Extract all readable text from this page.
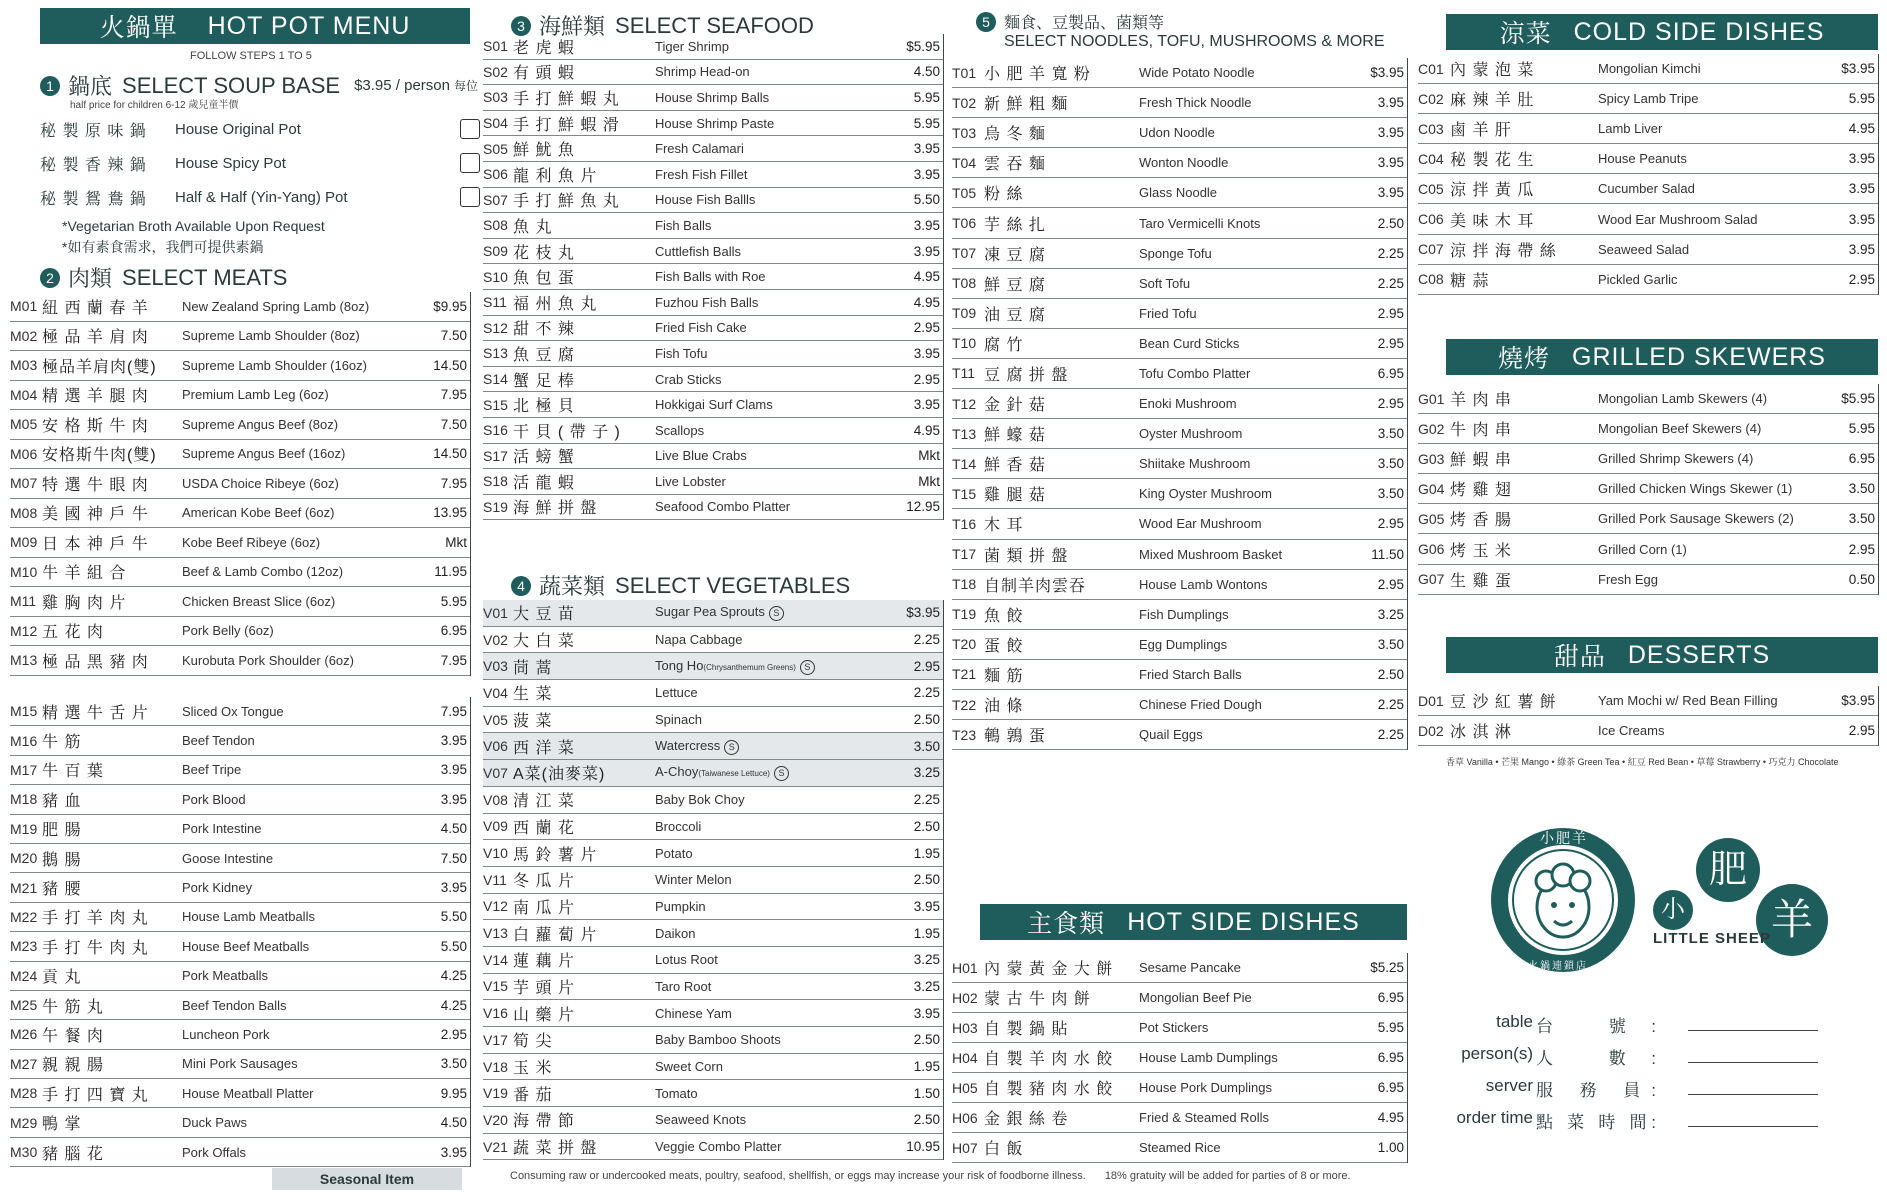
火鍋單 HOT POT MENU
FOLLOW STEPS 1 TO 5
1 鍋底 SELECT SOUP BASE $3.95 / person 每位
half price for children 6-12 歲兒童半價
秘 製 原 味 鍋	House Original Pot
秘 製 香 辣 鍋	House Spicy Pot
秘 製 鴛 鴦 鍋	Half & Half (Yin-Yang) Pot
*Vegetarian Broth Available Upon Request
*如有素食需求，我們可提供素鍋
2 肉類 SELECT MEATS
M01 紐 西 蘭 春 羊	New Zealand Spring Lamb (8oz)	$9.95
M02 極 品 羊 肩 肉	Supreme Lamb Shoulder (8oz)	7.50
M03 極品羊肩肉(雙)	Supreme Lamb Shoulder (16oz)	14.50
M04 精 選 羊 腿 肉	Premium Lamb Leg (6oz)	7.95
M05 安 格 斯 牛 肉	Supreme Angus Beef (8oz)	7.50
M06 安格斯牛肉(雙)	Supreme Angus Beef (16oz)	14.50
M07 特 選 牛 眼 肉	USDA Choice Ribeye (6oz)	7.95
M08 美 國 神 戶 牛	American Kobe Beef (6oz)	13.95
M09 日 本 神 戶 牛	Kobe Beef Ribeye (6oz)	Mkt
M10 牛 羊 組 合	Beef & Lamb Combo (12oz)	11.95
M11 雞 胸 肉 片	Chicken Breast Slice (6oz)	5.95
M12 五 花 肉	Pork Belly (6oz)	6.95
M13 極 品 黑 豬 肉	Kurobuta Pork Shoulder (6oz)	7.95
M15 精 選 牛 舌 片	Sliced Ox Tongue	7.95
M16 牛 筋	Beef Tendon	3.95
M17 牛 百 葉	Beef Tripe	3.95
M18 豬 血	Pork Blood	3.95
M19 肥 腸	Pork Intestine	4.50
M20 鵝 腸	Goose Intestine	7.50
M21 豬 腰	Pork Kidney	3.95
M22 手 打 羊 肉 丸	House Lamb Meatballs	5.50
M23 手 打 牛 肉 丸	House Beef Meatballs	5.50
M24 貢 丸	Pork Meatballs	4.25
M25 牛 筋 丸	Beef Tendon Balls	4.25
M26 午 餐 肉	Luncheon Pork	2.95
M27 親 親 腸	Mini Pork Sausages	3.50
M28 手 打 四 寶 丸	House Meatball Platter	9.95
M29 鴨 掌	Duck Paws	4.50
M30 豬 腦 花	Pork Offals	3.95
Seasonal Item
3 海鮮類 SELECT SEAFOOD
S01 老 虎 蝦	Tiger Shrimp	$5.95
S02 有 頭 蝦	Shrimp Head-on	4.50
S03 手 打 鮮 蝦 丸	House Shrimp Balls	5.95
S04 手 打 鮮 蝦 滑	House Shrimp Paste	5.95
S05 鮮 魷 魚	Fresh Calamari	3.95
S06 龍 利 魚 片	Fresh Fish Fillet	3.95
S07 手 打 鮮 魚 丸	House Fish Ballls	5.50
S08 魚 丸	Fish Balls	3.95
S09 花 枝 丸	Cuttlefish Balls	3.95
S10 魚 包 蛋	Fish Balls with Roe	4.95
S11 福 州 魚 丸	Fuzhou Fish Balls	4.95
S12 甜 不 辣	Fried Fish Cake	2.95
S13 魚 豆 腐	Fish Tofu	3.95
S14 蟹 足 棒	Crab Sticks	2.95
S15 北 極 貝	Hokkigai Surf Clams	3.95
S16 干 貝 ( 帶 子 )	Scallops	4.95
S17 活 螃 蟹	Live Blue Crabs	Mkt
S18 活 龍 蝦	Live Lobster	Mkt
S19 海 鮮 拼 盤	Seafood Combo Platter	12.95
4 蔬菜類 SELECT VEGETABLES
V01 大 豆 苗	Sugar Pea Sprouts S	$3.95
V02 大 白 菜	Napa Cabbage	2.25
V03 茼 蒿	Tong Ho(Chrysanthemum Greens) S	2.95
V04 生 菜	Lettuce	2.25
V05 菠 菜	Spinach	2.50
V06 西 洋 菜	Watercress S	3.50
V07 A菜(油麥菜)	A-Choy(Taiwanese Lettuce) S	3.25
V08 清 江 菜	Baby Bok Choy	2.25
V09 西 蘭 花	Broccoli	2.50
V10 馬 鈴 薯 片	Potato	1.95
V11 冬 瓜 片	Winter Melon	2.50
V12 南 瓜 片	Pumpkin	3.95
V13 白 蘿 蔔 片	Daikon	1.95
V14 蓮 藕 片	Lotus Root	3.25
V15 芋 頭 片	Taro Root	3.25
V16 山 藥 片	Chinese Yam	3.95
V17 筍 尖	Baby Bamboo Shoots	2.50
V18 玉 米	Sweet Corn	1.95
V19 番 茄	Tomato	1.50
V20 海 帶 節	Seaweed Knots	2.50
V21 蔬 菜 拼 盤	Veggie Combo Platter	10.95
Consuming raw or undercooked meats, poultry, seafood, shellfish, or eggs may increase your risk of foodborne illness. 18% gratuity will be added for parties of 8 or more.
5 麵食、豆製品、菌類等
SELECT NOODLES, TOFU, MUSHROOMS & MORE
T01 小 肥 羊 寬 粉	Wide Potato Noodle	$3.95
T02 新 鮮 粗 麵	Fresh Thick Noodle	3.95
T03 烏 冬 麵	Udon Noodle	3.95
T04 雲 吞 麵	Wonton Noodle	3.95
T05 粉 絲	Glass Noodle	3.95
T06 芋 絲 扎	Taro Vermicelli Knots	2.50
T07 凍 豆 腐	Sponge Tofu	2.25
T08 鮮 豆 腐	Soft Tofu	2.25
T09 油 豆 腐	Fried Tofu	2.95
T10 腐 竹	Bean Curd Sticks	2.95
T11 豆 腐 拼 盤	Tofu Combo Platter	6.95
T12 金 針 菇	Enoki Mushroom	2.95
T13 鮮 蠔 菇	Oyster Mushroom	3.50
T14 鮮 香 菇	Shiitake Mushroom	3.50
T15 雞 腿 菇	King Oyster Mushroom	3.50
T16 木 耳	Wood Ear Mushroom	2.95
T17 菌 類 拼 盤	Mixed Mushroom Basket	11.50
T18 自制羊肉雲吞	House Lamb Wontons	2.95
T19 魚 餃	Fish Dumplings	3.25
T20 蛋 餃	Egg Dumplings	3.50
T21 麵 筋	Fried Starch Balls	2.50
T22 油 條	Chinese Fried Dough	2.25
T23 鵪 鶉 蛋	Quail Eggs	2.25
主食類 HOT SIDE DISHES
H01 內 蒙 黃 金 大 餅	Sesame Pancake	$5.25
H02 蒙 古 牛 肉 餅	Mongolian Beef Pie	6.95
H03 自 製 鍋 貼	Pot Stickers	5.95
H04 自 製 羊 肉 水 餃	House Lamb Dumplings	6.95
H05 自 製 豬 肉 水 餃	House Pork Dumplings	6.95
H06 金 銀 絲 卷	Fried & Steamed Rolls	4.95
H07 白 飯	Steamed Rice	1.00
涼菜 COLD SIDE DISHES
C01 內 蒙 泡 菜	Mongolian Kimchi	$3.95
C02 麻 辣 羊 肚	Spicy Lamb Tripe	5.95
C03 鹵 羊 肝	Lamb Liver	4.95
C04 秘 製 花 生	House Peanuts	3.95
C05 涼 拌 黃 瓜	Cucumber Salad	3.95
C06 美 味 木 耳	Wood Ear Mushroom Salad	3.95
C07 涼 拌 海 帶 絲	Seaweed Salad	3.95
C08 糖 蒜	Pickled Garlic	2.95
燒烤 GRILLED SKEWERS
G01 羊 肉 串	Mongolian Lamb Skewers (4)	$5.95
G02 牛 肉 串	Mongolian Beef Skewers (4)	5.95
G03 鮮 蝦 串	Grilled Shrimp Skewers (4)	6.95
G04 烤 雞 翅	Grilled Chicken Wings Skewer (1)	3.50
G05 烤 香 腸	Grilled Pork Sausage Skewers (2)	3.50
G06 烤 玉 米	Grilled Corn (1)	2.95
G07 生 雞 蛋	Fresh Egg	0.50
甜品 DESSERTS
D01 豆 沙 紅 薯 餅	Yam Mochi w/ Red Bean Filling	$3.95
D02 冰 淇 淋	Ice Creams	2.95
香草 Vanilla • 芒果 Mango • 綠茶 Green Tea • 紅豆 Red Bean • 草莓 Strawberry • 巧克力 Chocolate
小肥羊
火鍋連鎖店
小
肥
羊
LITTLE SHEEP
table 台 號:
person(s) 人 數:
server 服 務 員:
order time 點 菜 時 間:
